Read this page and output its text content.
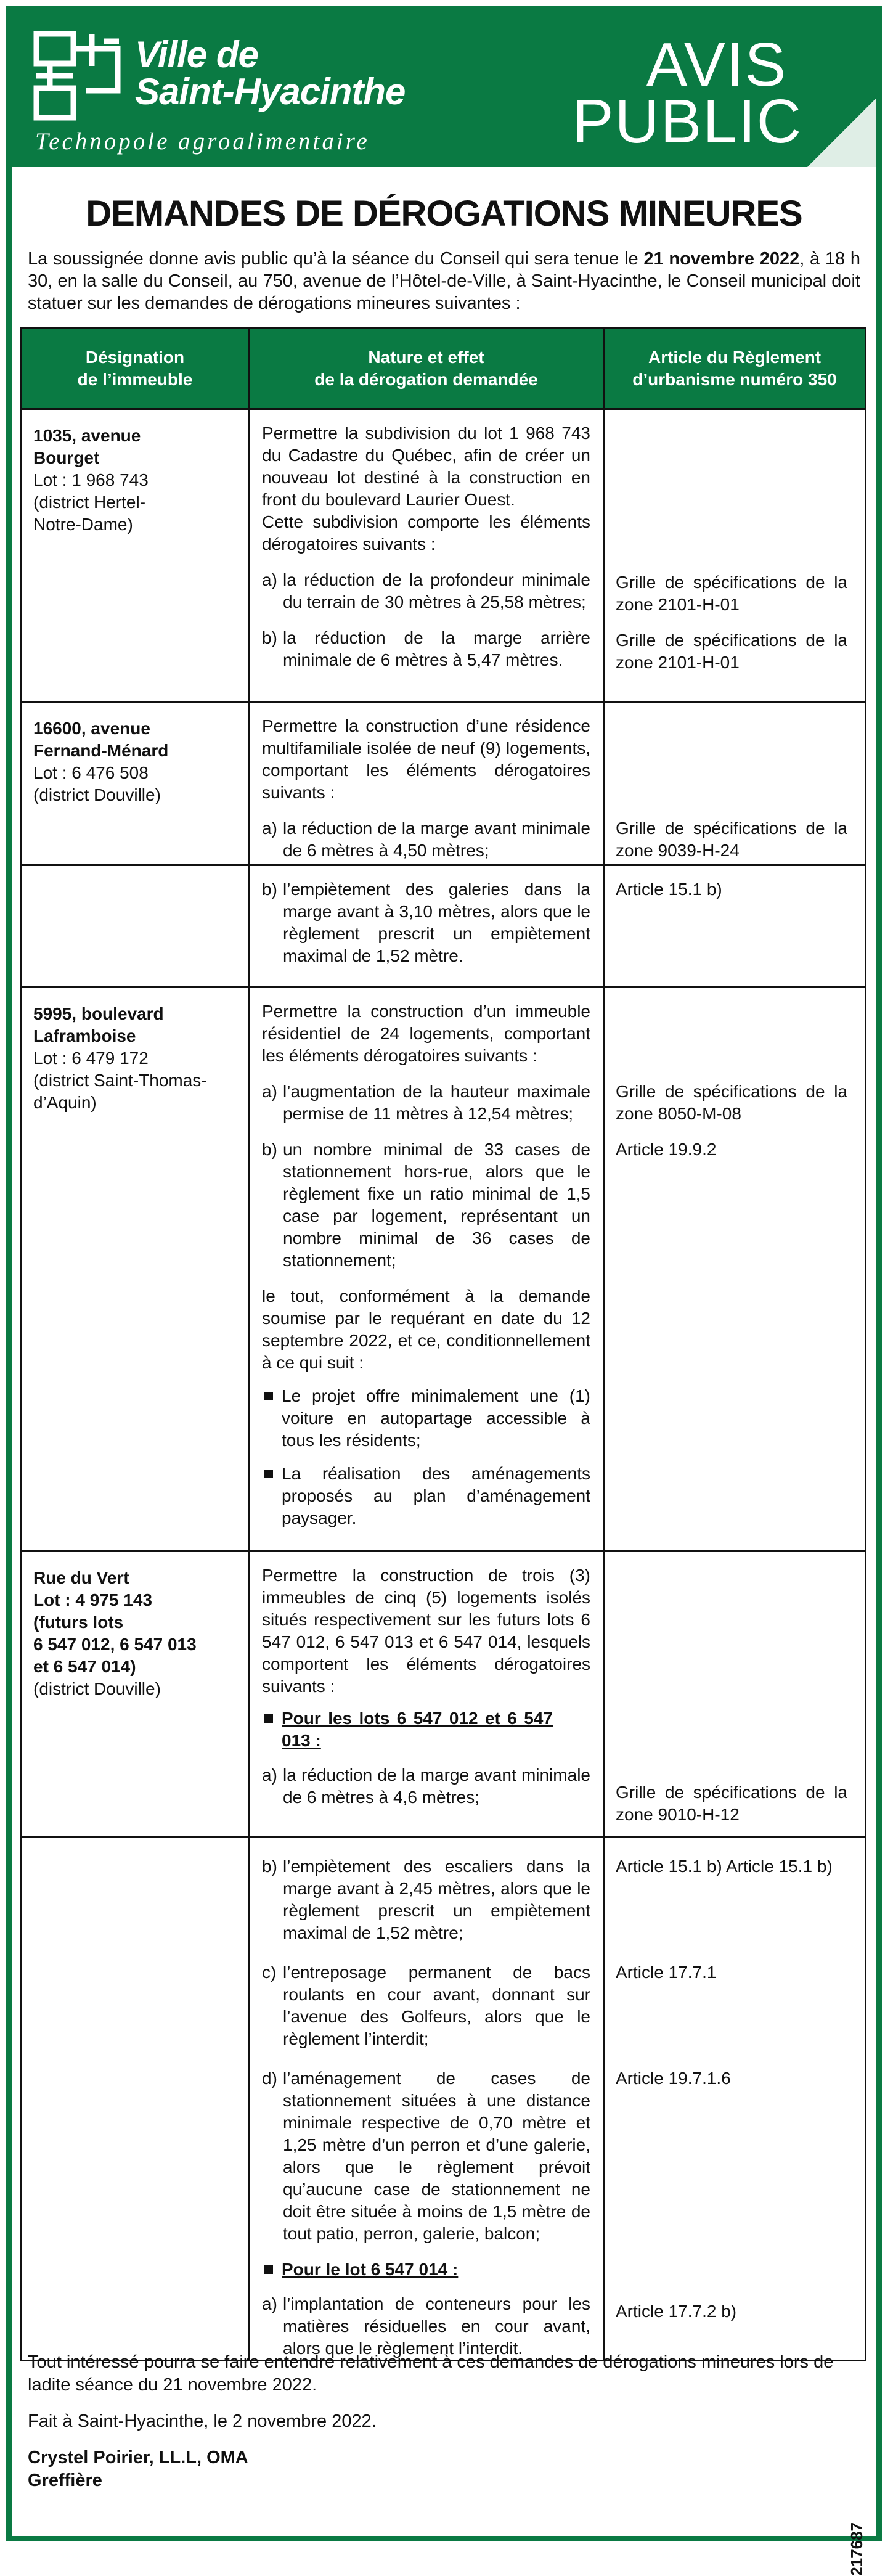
Ville de
Saint-Hyacinthe
Technopole agroalimentaire
AVIS
PUBLIC
DEMANDES DE DÉROGATIONS MINEURES
La soussignée donne avis public qu’à la séance du Conseil qui sera tenue le 21 novembre 2022, à 18 h 30, en la salle du Conseil, au 750, avenue de l’Hôtel-de-Ville, à Saint-Hyacinthe, le Conseil municipal doit statuer sur les demandes de dérogations mineures suivantes :
Désignation
de l’immeuble
Nature et effet
de la dérogation demandée
Article du Règlement
d’urbanisme numéro 350
1035, avenue
Bourget
Lot : 1 968 743
(district Hertel-Notre-Dame)
Permettre la subdivision du lot 1 968 743 du Cadastre du Québec, afin de créer un nouveau lot destiné à la construction en front du boulevard Laurier Ouest.
Cette subdivision comporte les éléments dérogatoires suivants :
a) la réduction de la profondeur minimale du terrain de 30 mètres à 25,58 mètres;
b) la réduction de la marge arrière minimale de 6 mètres à 5,47 mètres.
Grille de spécifications de la zone 2101-H-01
Grille de spécifications de la zone 2101-H-01
16600, avenue
Fernand-Ménard
Lot : 6 476 508
(district Douville)
Permettre la construction d’une résidence multifamiliale isolée de neuf (9) logements, comportant les éléments dérogatoires suivants :
a) la réduction de la marge avant minimale de 6 mètres à 4,50 mètres;
Grille de spécifications de la zone 9039-H-24
b) l’empiètement des galeries dans la marge avant à 3,10 mètres, alors que le règlement prescrit un empiètement maximal de 1,52 mètre.
Article 15.1 b)
5995, boulevard
Laframboise
Lot : 6 479 172
(district Saint-Thomas-d’Aquin)
Permettre la construction d’un immeuble résidentiel de 24 logements, comportant les éléments dérogatoires suivants :
a) l’augmentation de la hauteur maximale permise de 11 mètres à 12,54 mètres;
b) un nombre minimal de 33 cases de stationnement hors-rue, alors que le règlement fixe un ratio minimal de 1,5 case par logement, représentant un nombre minimal de 36 cases de stationnement;
le tout, conformément à la demande soumise par le requérant en date du 12 septembre 2022, et ce, conditionnellement à ce qui suit :
Le projet offre minimalement une (1) voiture en autopartage accessible à tous les résidents;
La réalisation des aménagements proposés au plan d’aménagement paysager.
Grille de spécifications de la zone 8050-M-08
Article 19.9.2
Rue du Vert
Lot : 4 975 143
(futurs lots
6 547 012, 6 547 013
et 6 547 014)
(district Douville)
Permettre la construction de trois (3) immeubles de cinq (5) logements isolés situés respectivement sur les futurs lots 6 547 012, 6 547 013 et 6 547 014, lesquels comportent les éléments dérogatoires suivants :
Pour les lots 6 547 012 et 6 547 013 :
a) la réduction de la marge avant minimale de 6 mètres à 4,6 mètres;	Grille de spécifications de la zone 9010-H-12
b) l’empiètement des escaliers dans la marge avant à 2,45 mètres, alors que le règlement prescrit un empiètement maximal de 1,52 mètre;
c) l’entreposage permanent de bacs roulants en cour avant, donnant sur l’avenue des Golfeurs, alors que le règlement l’interdit;
d) l’aménagement de cases de stationnement situées à une distance minimale respective de 0,70 mètre et 1,25 mètre d’un perron et d’une galerie, alors que le règlement prévoit qu’aucune case de stationnement ne doit être située à moins de 1,5 mètre de tout patio, perron, galerie, balcon;
Pour le lot 6 547 014 :
a) l’implantation de conteneurs pour les matières résiduelles en cour avant, alors que le règlement l’interdit.
Article 15.1 b) Article 15.1 b)
Article 17.7.1
Article 19.7.1.6
Article 17.7.2 b)

Tout intéressé pourra se faire entendre relativement à ces demandes de dérogations mineures lors de ladite séance du 21 novembre 2022.

Fait à Saint-Hyacinthe, le 2 novembre 2022.

Crystel Poirier, LL.L, OMA
Greffière
217687
